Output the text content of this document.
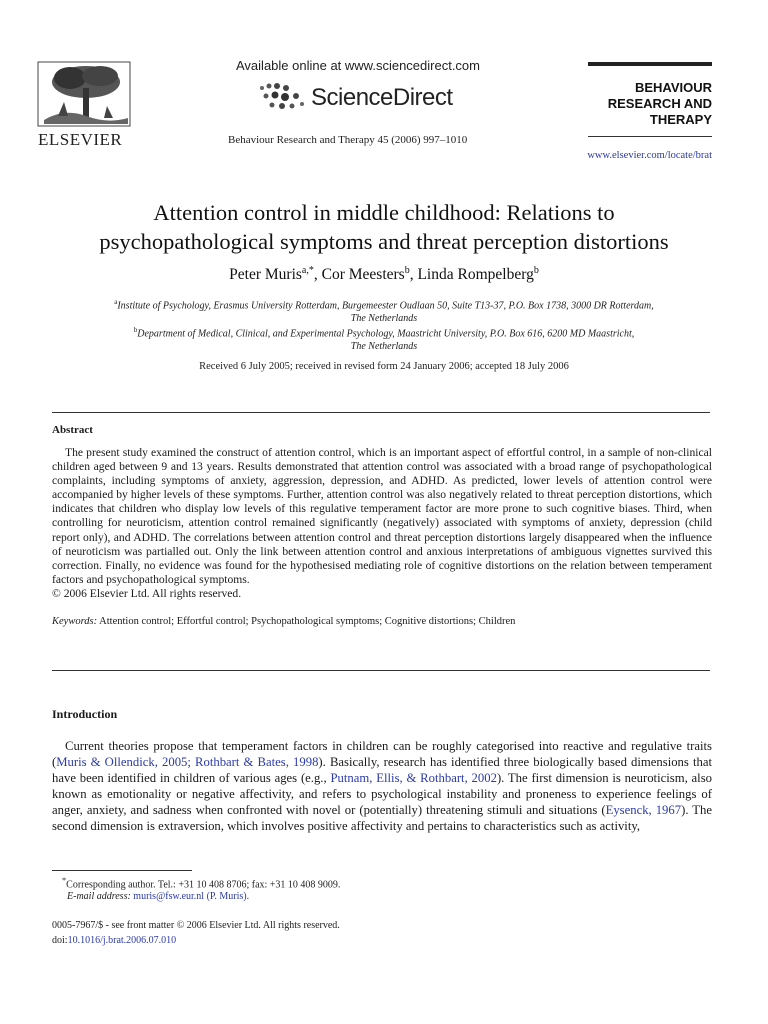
ELSEVIER
Available online at www.sciencedirect.com
ScienceDirect
Behaviour Research and Therapy 45 (2006) 997–1010
BEHAVIOUR
RESEARCH AND
THERAPY
www.elsevier.com/locate/brat
Attention control in middle childhood: Relations to
psychopathological symptoms and threat perception distortions
Peter Muris$^{a,*}$, Cor Meesters$^b$, Linda Rompelberg$^b$
$^a$Institute of Psychology, Erasmus University Rotterdam, Burgemeester Oudlaan 50, Suite T13-37, P.O. Box 1738, 3000 DR Rotterdam,
The Netherlands
$^b$Department of Medical, Clinical, and Experimental Psychology, Maastricht University, P.O. Box 616, 6200 MD Maastricht,
The Netherlands
Received 6 July 2005; received in revised form 24 January 2006; accepted 18 July 2006
Abstract

The present study examined the construct of attention control, which is an important aspect of effortful control, in a sample of non-clinical children aged between 9 and 13 years. Results demonstrated that attention control was associated with a broad range of psychopathological complaints, including symptoms of anxiety, aggression, depression, and ADHD. As predicted, lower levels of attention control were accompanied by higher levels of these symptoms. Further, attention control was also negatively related to threat perception distortions, which indicates that children who display low levels of this regulative temperament factor are more prone to such cognitive biases. Third, when controlling for neuroticism, attention control remained significantly (negatively) associated with symptoms of anxiety, depression (child report only), and ADHD. The correlations between attention control and threat perception distortions largely disappeared when the influence of neuroticism was partialled out. Only the link between attention control and anxious interpretations of ambiguous vignettes survived this correction. Finally, no evidence was found for the hypothesised mediating role of cognitive distortions on the relation between temperament factors and psychopathological symptoms.

© 2006 Elsevier Ltd. All rights reserved.

Keywords: Attention control; Effortful control; Psychopathological symptoms; Cognitive distortions; Children

Introduction

Current theories propose that temperament factors in children can be roughly categorised into reactive and regulative traits (Muris & Ollendick, 2005; Rothbart & Bates, 1998). Basically, research has identified three biologically based dimensions that have been identified in children of various ages (e.g., Putnam, Ellis, & Rothbart, 2002). The first dimension is neuroticism, also known as emotionality or negative affectivity, and refers to psychological instability and proneness to experience feelings of anger, anxiety, and sadness when confronted with novel or (potentially) threatening stimuli and situations (Eysenck, 1967). The second dimension is extraversion, which involves positive affectivity and pertains to characteristics such as activity,

*Corresponding author. Tel.: +31 10 408 8706; fax: +31 10 408 9009.
E-mail address: muris@fsw.eur.nl (P. Muris).
0005-7967/$ - see front matter © 2006 Elsevier Ltd. All rights reserved.
doi:10.1016/j.brat.2006.07.010
